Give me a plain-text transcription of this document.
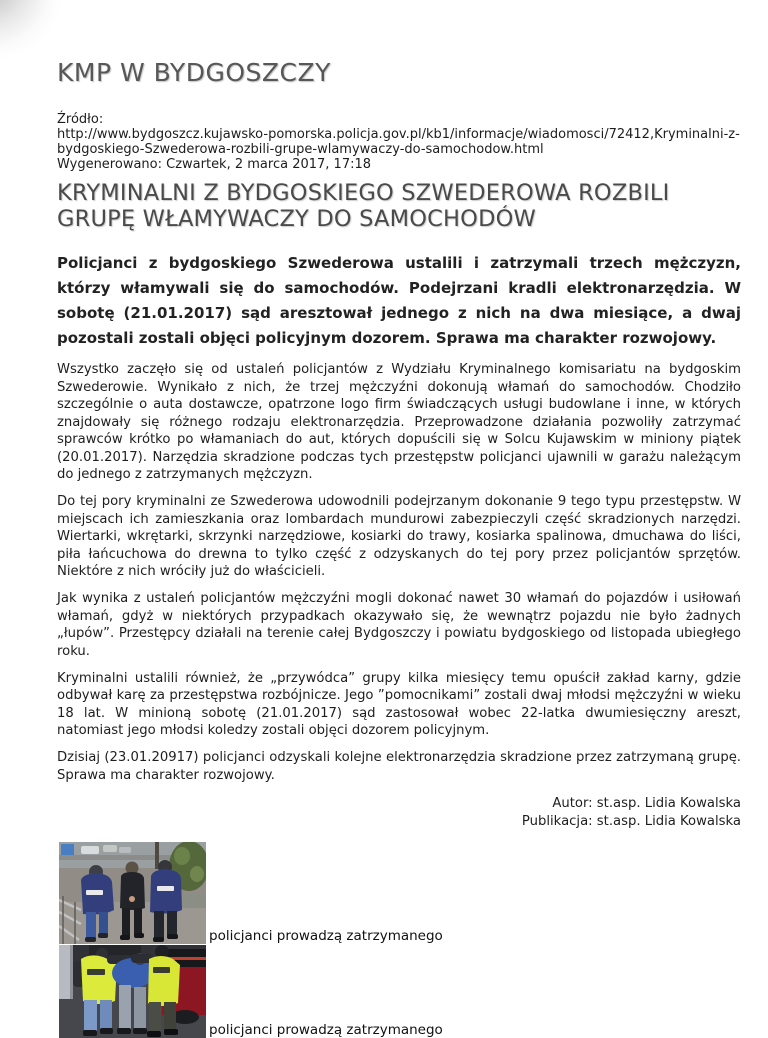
KMP W BYDGOSZCZY
Źródło:
http://www.bydgoszcz.kujawsko-pomorska.policja.gov.pl/kb1/informacje/wiadomosci/72412,Kryminalni-z-bydgoskiego-Szwederowa-rozbili-grupe-wlamywaczy-do-samochodow.html
Wygenerowano: Czwartek, 2 marca 2017, 17:18
KRYMINALNI Z BYDGOSKIEGO SZWEDEROWA ROZBILI GRUPĘ WŁAMYWACZY DO SAMOCHODÓW

Policjanci z bydgoskiego Szwederowa ustalili i zatrzymali trzech mężczyzn, którzy włamywali się do samochodów. Podejrzani kradli elektronarzędzia. W sobotę (21.01.2017) sąd aresztował jednego z nich na dwa miesiące, a dwaj pozostali zostali objęci policyjnym dozorem. Sprawa ma charakter rozwojowy.

Wszystko zaczęło się od ustaleń policjantów z Wydziału Kryminalnego komisariatu na bydgoskim Szwederowie. Wynikało z nich, że trzej mężczyźni dokonują włamań do samochodów. Chodziło szczególnie o auta dostawcze, opatrzone logo firm świadczących usługi budowlane i inne, w których znajdowały się różnego rodzaju elektronarzędzia. Przeprowadzone działania pozwoliły zatrzymać sprawców krótko po włamaniach do aut, których dopuścili się w Solcu Kujawskim w miniony piątek (20.01.2017). Narzędzia skradzione podczas tych przestępstw policjanci ujawnili w garażu należącym do jednego z zatrzymanych mężczyzn.

Do tej pory kryminalni ze Szwederowa udowodnili podejrzanym dokonanie 9 tego typu przestępstw. W miejscach ich zamieszkania oraz lombardach mundurowi zabezpieczyli część skradzionych narzędzi. Wiertarki, wkrętarki, skrzynki narzędziowe, kosiarki do trawy, kosiarka spalinowa, dmuchawa do liści, piła łańcuchowa do drewna to tylko część z odzyskanych do tej pory przez policjantów sprzętów. Niektóre z nich wróciły już do właścicieli.

Jak wynika z ustaleń policjantów mężczyźni mogli dokonać nawet 30 włamań do pojazdów i usiłowań włamań, gdyż w niektórych przypadkach okazywało się, że wewnątrz pojazdu nie było żadnych „łupów”. Przestępcy działali na terenie całej Bydgoszczy i powiatu bydgoskiego od listopada ubiegłego roku.

Kryminalni ustalili również, że „przywódca” grupy kilka miesięcy temu opuścił zakład karny, gdzie odbywał karę za przestępstwa rozbójnicze. Jego ”pomocnikami” zostali dwaj młodsi mężczyźni w wieku 18 lat. W minioną sobotę (21.01.2017) sąd zastosował wobec 22-latka dwumiesięczny areszt, natomiast jego młodsi koledzy zostali objęci dozorem policyjnym.

Dzisiaj (23.01.20917) policjanci odzyskali kolejne elektronarzędzia skradzione przez zatrzymaną grupę. Sprawa ma charakter rozwojowy.

Autor: st.asp. Lidia Kowalska
Publikacja: st.asp. Lidia Kowalska
policjanci prowadzą zatrzymanego
policjanci prowadzą zatrzymanego
